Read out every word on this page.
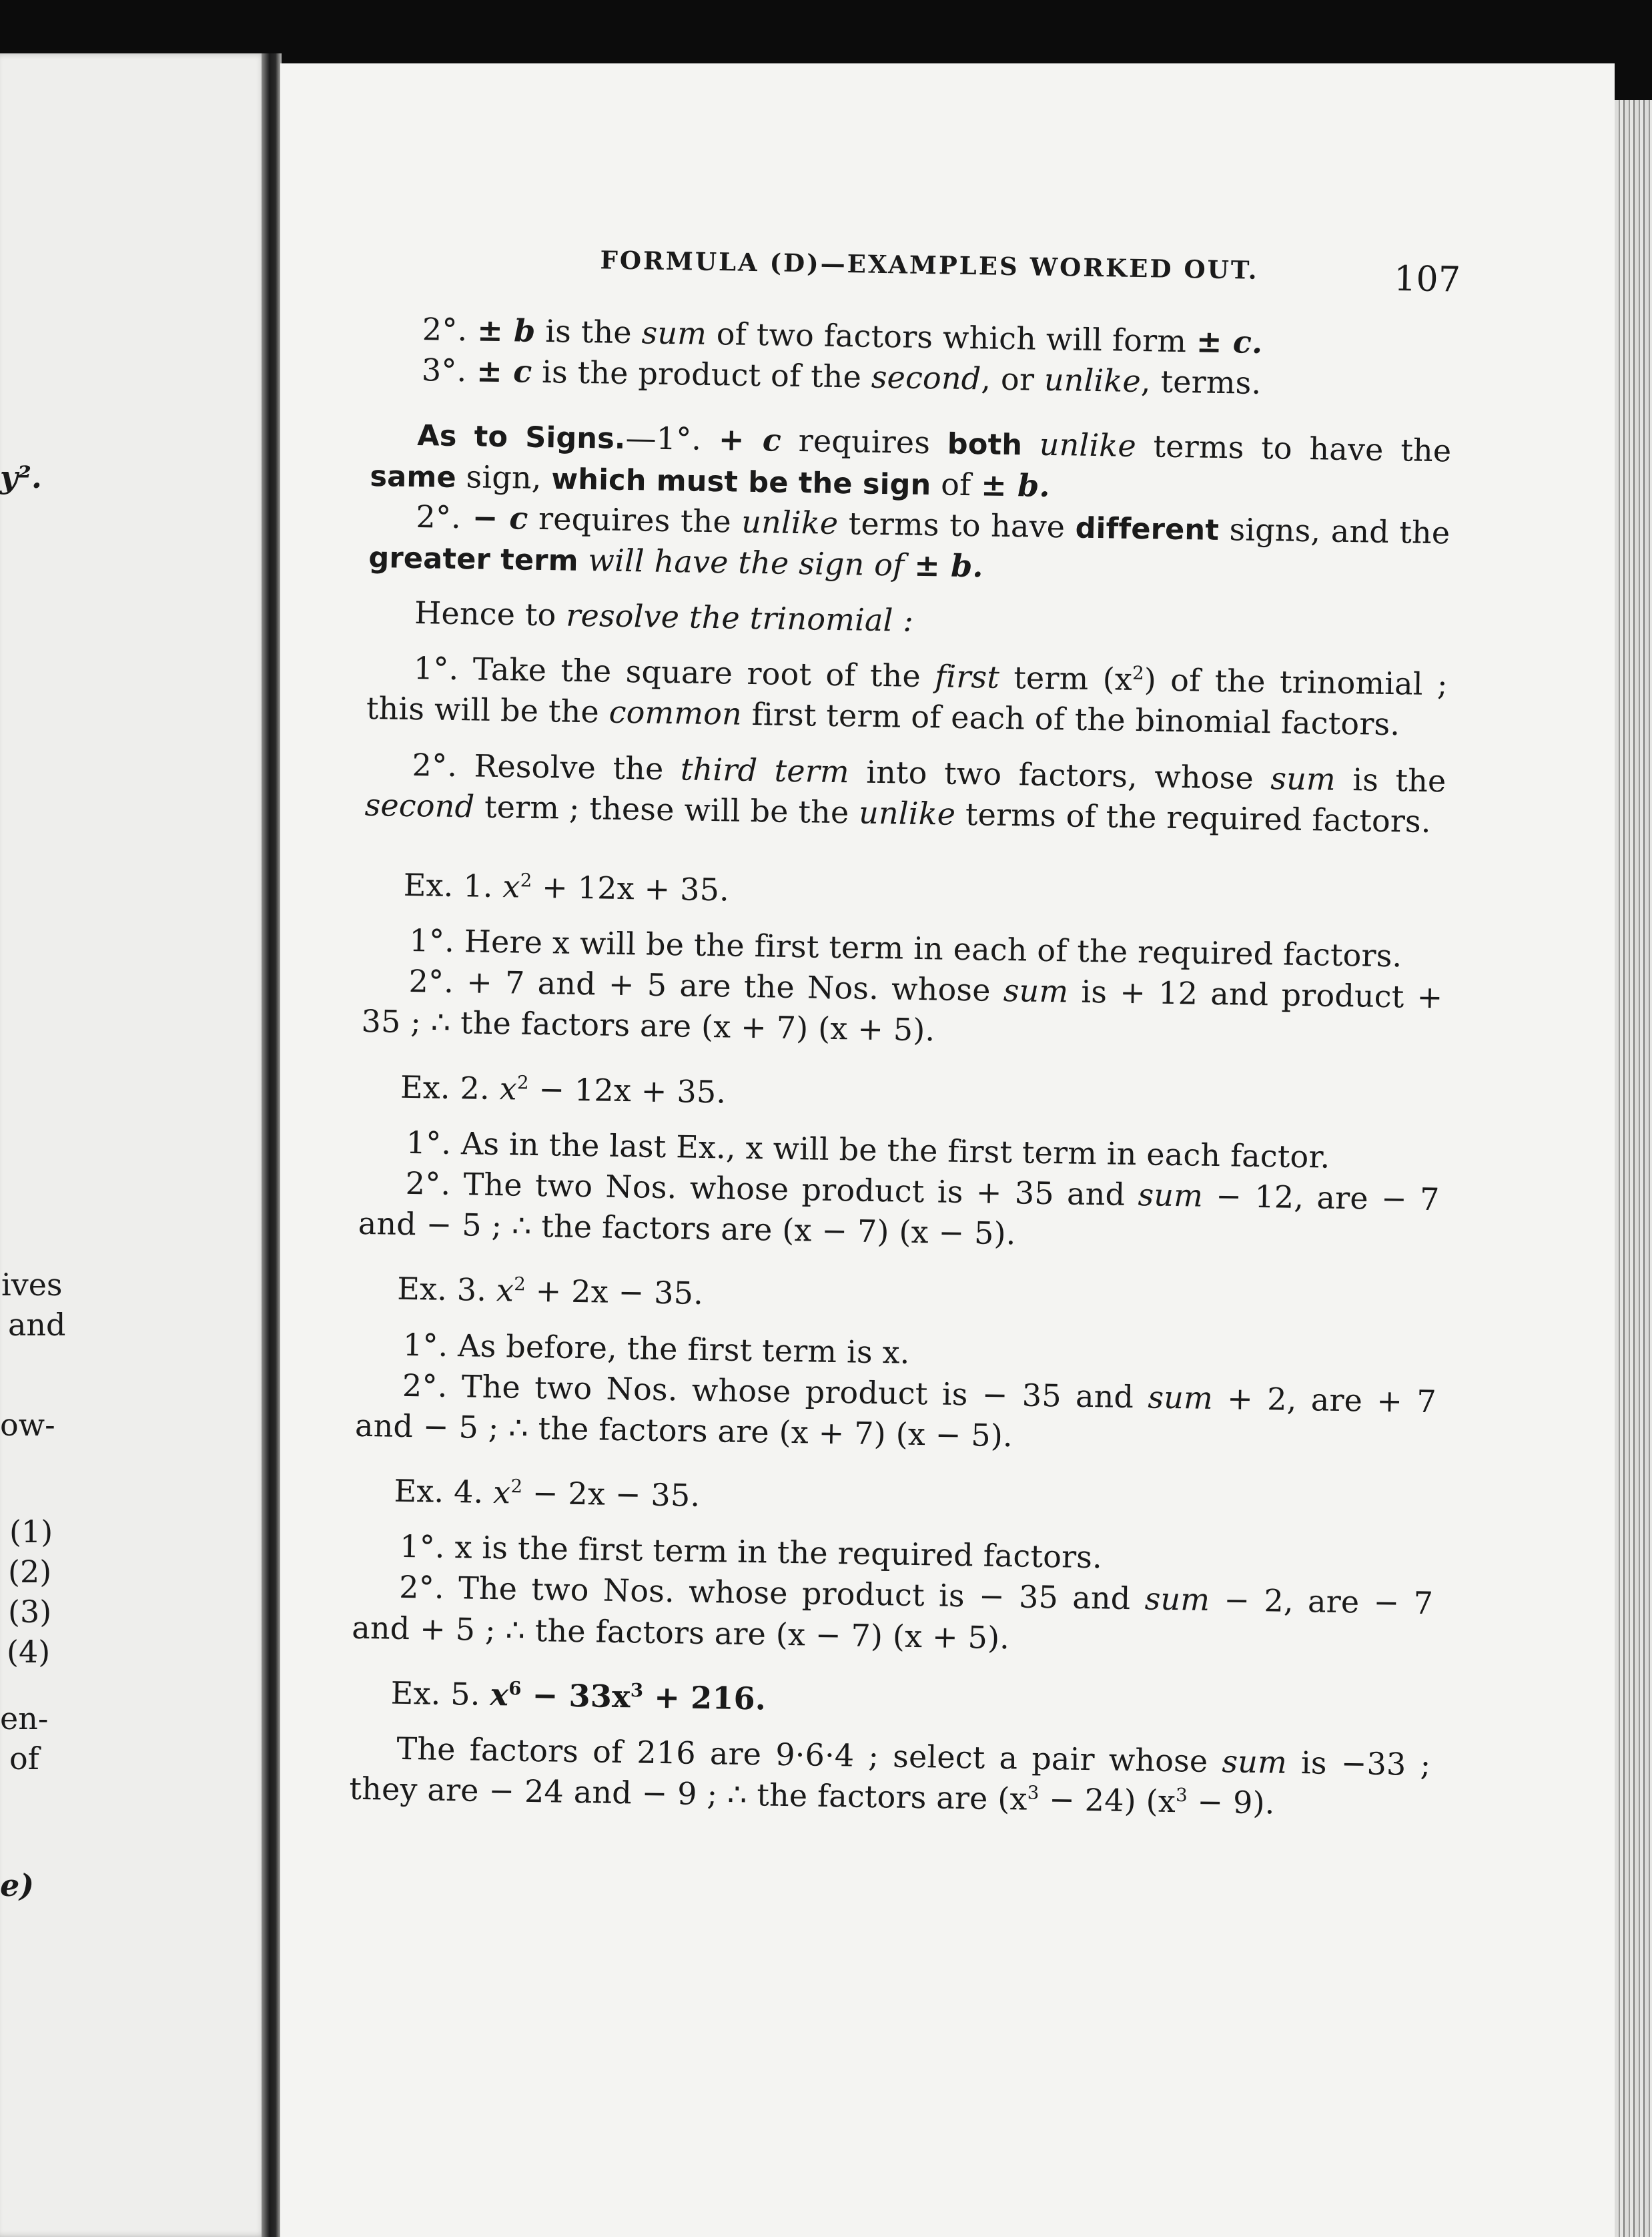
y².
ives
and
ow-
(1)
(2)
(3)
(4)
en-
of
e)
FORMULA (D)—EXAMPLES WORKED OUT.	107

2°. ± b is the sum of two factors which will form ± c.

3°. ± c is the product of the second, or unlike, terms.

As to Signs.—1°. + c requires both unlike terms to have the same sign, which must be the sign of ± b.

2°. − c requires the unlike terms to have different signs, and the greater term will have the sign of ± b.

Hence to resolve the trinomial :

1°. Take the square root of the first term $(x^2)$ of the trinomial ; this will be the common first term of each of the binomial factors.

2°. Resolve the third term into two factors, whose sum is the second term ; these will be the unlike terms of the required factors.

Ex. 1. $x^2 + 12x + 35$.

1°. Here x will be the first term in each of the required factors.

2°. + 7 and + 5 are the Nos. whose sum is + 12 and product + 35 ; ∴ the factors are (x + 7) (x + 5).

Ex. 2. $x^2 - 12x + 35$.

1°. As in the last Ex., x will be the first term in each factor.

2°. The two Nos. whose product is + 35 and sum − 12, are − 7 and − 5 ; ∴ the factors are (x − 7) (x − 5).

Ex. 3. $x^2 + 2x - 35$.

1°. As before, the first term is x.

2°. The two Nos. whose product is − 35 and sum + 2, are + 7 and − 5 ; ∴ the factors are (x + 7) (x − 5).

Ex. 4. $x^2 - 2x - 35$.

1°. x is the first term in the required factors.

2°. The two Nos. whose product is − 35 and sum − 2, are − 7 and + 5 ; ∴ the factors are (x − 7) (x + 5).

Ex. 5. $x^6 - 33x^3 + 216$.

The factors of 216 are 9·6·4 ; select a pair whose sum is −33 ; they are − 24 and − 9 ; ∴ the factors are $(x^3 - 24) (x^3 - 9)$.
